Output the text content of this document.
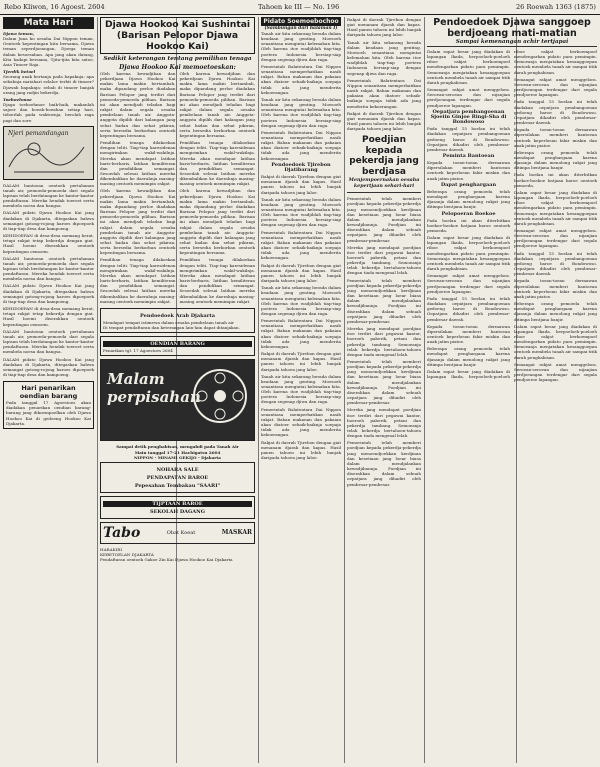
Rebo Kliwon, 16 Agoest. 2604	Tahoen ke III — No. 196	26 Roewah 1363 (1875)
Mata Hari
Djawa teman,
Dalam Juna ko oesaha Dai Nippon teman, Oentoek kepentingan kita bersama, Djawa teman seperdjoeangan, Djoega teman dalam kesoesahan. Apa jang akan datang, Kita hadapi bersama, Tjita-tjita kita satoe, Asia Timoer Raja.
Tjerdik betoel
Seorang anak bertanja pada bapaknja: apa sebabnja matahari selaloe terbit di timoer? Djawab bapaknja: sebab di timoer banjak orang jang radjin bekerdja.
Toeboehmoe
Djaga toeboehmoe baik-baik, makanlah sajoer dan boeah-boeahan setiap hari, tidoerlah pada waktoenja, berolah raga pagi dan sore.
Njeri pemandangan
DALAM bantoean oentoek pertahanan tanah air, pemoeda-pemoeda dari segala lapisan telah berdatangan ke kantor-kantor pendaftaran. Mereka hendak toeroet serta membela noesa dan bangsa.
DALAM pidato Djawa Hookoo Kai jang diadakan di Djakarta, ditegaskan bahwa semangat gotong-rojong haroes dipoepoek di tiap-tiap desa dan kampoeng.
KEHIDOEPAN di desa-desa memang berat, tetapi rakjat tetap bekerdja dengan giat. Hasil boemi diserahkan oentoek kepentingan oemoem.
DALAM bantoean oentoek pertahanan tanah air, pemoeda-pemoeda dari segala lapisan telah berdatangan ke kantor-kantor pendaftaran. Mereka hendak toeroet serta membela noesa dan bangsa.
DALAM pidato Djawa Hookoo Kai jang diadakan di Djakarta, ditegaskan bahwa semangat gotong-rojong haroes dipoepoek di tiap-tiap desa dan kampoeng.
KEHIDOEPAN di desa-desa memang berat, tetapi rakjat tetap bekerdja dengan giat. Hasil boemi diserahkan oentoek kepentingan oemoem.
DALAM bantoean oentoek pertahanan tanah air, pemoeda-pemoeda dari segala lapisan telah berdatangan ke kantor-kantor pendaftaran. Mereka hendak toeroet serta membela noesa dan bangsa.
DALAM pidato Djawa Hookoo Kai jang diadakan di Djakarta, ditegaskan bahwa semangat gotong-rojong haroes dipoepoek di tiap-tiap desa dan kampoeng.
Hari penarikan oendian barang
Pada tanggal 17 Agoestoes akan diadakan penarikan oendian barang-barang jang dikoempoelkan oleh Djawa Hookoo Kai di gedoeng Hookoo Kai Djakarta.
Djawa Hookoo Kai Sushintai (Barisan Pelopor Djawa Hookoo Kai)
Sedikit keterangan tentang pemilihan tenaga
Djawa Hookoo Kai memoetoeskan:
Oleh karena kewadjiban dan pekerdjaan Djawa Hookoo Kai makin lama makin bertambah, maka dipandang perloe diadakan Barisan Pelopor jang terdiri dari pemoeda-pemoeda pilihan. Barisan ini akan mendjadi teladan bagi rakjat dalam segala oesaha pembelaan tanah air. Anggota-anggota dipilih dari kalangan jang sehat badan dan sehat pikiran, serta bersedia berkorban oentoek kepentingan bersama.
Pemilihan tenaga dilakoekan dengan teliti. Tiap-tiap karesidenan mengirimkan wakil-wakilnja. Mereka akan mendapat latihan baris-berbaris, latihan kemiliteran dan pendidikan semangat. Sesoedah selesai latihan mereka dikembalikan ke daerahnja masing-masing oentoek memimpin rakjat.
Oleh karena kewadjiban dan pekerdjaan Djawa Hookoo Kai makin lama makin bertambah, maka dipandang perloe diadakan Barisan Pelopor jang terdiri dari pemoeda-pemoeda pilihan. Barisan ini akan mendjadi teladan bagi rakjat dalam segala oesaha pembelaan tanah air. Anggota-anggota dipilih dari kalangan jang sehat badan dan sehat pikiran, serta bersedia berkorban oentoek kepentingan bersama.
Pemilihan tenaga dilakoekan dengan teliti. Tiap-tiap karesidenan mengirimkan wakil-wakilnja. Mereka akan mendapat latihan baris-berbaris, latihan kemiliteran dan pendidikan semangat. Sesoedah selesai latihan mereka dikembalikan ke daerahnja masing-masing oentoek memimpin rakjat.
Oleh karena kewadjiban dan pekerdjaan Djawa Hookoo Kai makin lama makin bertambah, maka dipandang perloe diadakan Barisan Pelopor jang terdiri dari pemoeda-pemoeda pilihan. Barisan ini akan mendjadi teladan bagi rakjat dalam segala oesaha pembelaan tanah air. Anggota-anggota dipilih dari kalangan jang sehat badan dan sehat pikiran, serta bersedia berkorban oentoek kepentingan bersama.
Pemilihan tenaga dilakoekan dengan teliti. Tiap-tiap karesidenan mengirimkan wakil-wakilnja. Mereka akan mendapat latihan baris-berbaris, latihan kemiliteran dan pendidikan semangat. Sesoedah selesai latihan mereka dikembalikan ke daerahnja masing-masing oentoek memimpin rakjat.
Oleh karena kewadjiban dan pekerdjaan Djawa Hookoo Kai makin lama makin bertambah, maka dipandang perloe diadakan Barisan Pelopor jang terdiri dari pemoeda-pemoeda pilihan. Barisan ini akan mendjadi teladan bagi rakjat dalam segala oesaha pembelaan tanah air. Anggota-anggota dipilih dari kalangan jang sehat badan dan sehat pikiran, serta bersedia berkorban oentoek kepentingan bersama.
Pemilihan tenaga dilakoekan dengan teliti. Tiap-tiap karesidenan mengirimkan wakil-wakilnja. Mereka akan mendapat latihan baris-berbaris, latihan kemiliteran dan pendidikan semangat. Sesoedah selesai latihan mereka dikembalikan ke daerahnja masing-masing oentoek memimpin rakjat.
Pendoedoek Arab Djakarta
Mendapat tempat istimewa dalam oesaha pembelaan tanah air
Di tempat pendaftaran dan keterangan lain-lain dapat ditanjakan.
OENDIAN BARANG
Penarikan tgl. 17 Agoestoes 2604
Malam perpisahan
Sampai detik penghabisan, mengabdi pada Tanah Air
Main tanggal 17-21 Hachigatsu 2604
NIPPON - MINAMI GEKIJO - Djakarta
NOHARA SALE
PENDAPATAN BAROE
Pepesahan Tembakau "SAARI"
TIJPTAAN BAROE
SEKOLAH DAGANG
Tabo	Obat Koeat	MASKAR
HARAKIRI
KEBETOELAN DJAKARTA
Pendaftaran oentoek Gakoe Zin Kai Djawa Hookoo Kai Djakarta
Pidato Soemoebochoo
(Sambungan dari halaman I)
Tanah air kita sekarang berada dalam keadaan jang genting. Moesoeh senantiasa mengintai kelemahan kita. Oleh karena itoe wadjiblah tiap-tiap poetera Indonesia bersiap-siap dengan segenap djiwa dan raga.
Pemerintah Balatentara Dai Nippon senantiasa memperhatikan nasib rakjat. Bahan makanan dan pakaian akan diatoer sebaik-baiknja soepaja tidak ada jang menderita kekoerangan.
Tanah air kita sekarang berada dalam keadaan jang genting. Moesoeh senantiasa mengintai kelemahan kita. Oleh karena itoe wadjiblah tiap-tiap poetera Indonesia bersiap-siap dengan segenap djiwa dan raga.
Pemerintah Balatentara Dai Nippon senantiasa memperhatikan nasib rakjat. Bahan makanan dan pakaian akan diatoer sebaik-baiknja soepaja tidak ada jang menderita kekoerangan.
Pendoedoek Tjirebon Djatibarang
Rakjat di daerah Tjirebon dengan giat menanam djarak dan kapas. Hasil panen tahoen ini lebih banjak daripada tahoen jang laloe.
Tanah air kita sekarang berada dalam keadaan jang genting. Moesoeh senantiasa mengintai kelemahan kita. Oleh karena itoe wadjiblah tiap-tiap poetera Indonesia bersiap-siap dengan segenap djiwa dan raga.
Pemerintah Balatentara Dai Nippon senantiasa memperhatikan nasib rakjat. Bahan makanan dan pakaian akan diatoer sebaik-baiknja soepaja tidak ada jang menderita kekoerangan.
Rakjat di daerah Tjirebon dengan giat menanam djarak dan kapas. Hasil panen tahoen ini lebih banjak daripada tahoen jang laloe.
Tanah air kita sekarang berada dalam keadaan jang genting. Moesoeh senantiasa mengintai kelemahan kita. Oleh karena itoe wadjiblah tiap-tiap poetera Indonesia bersiap-siap dengan segenap djiwa dan raga.
Pemerintah Balatentara Dai Nippon senantiasa memperhatikan nasib rakjat. Bahan makanan dan pakaian akan diatoer sebaik-baiknja soepaja tidak ada jang menderita kekoerangan.
Rakjat di daerah Tjirebon dengan giat menanam djarak dan kapas. Hasil panen tahoen ini lebih banjak daripada tahoen jang laloe.
Tanah air kita sekarang berada dalam keadaan jang genting. Moesoeh senantiasa mengintai kelemahan kita. Oleh karena itoe wadjiblah tiap-tiap poetera Indonesia bersiap-siap dengan segenap djiwa dan raga.
Pemerintah Balatentara Dai Nippon senantiasa memperhatikan nasib rakjat. Bahan makanan dan pakaian akan diatoer sebaik-baiknja soepaja tidak ada jang menderita kekoerangan.
Rakjat di daerah Tjirebon dengan giat menanam djarak dan kapas. Hasil panen tahoen ini lebih banjak daripada tahoen jang laloe.
Rakjat di daerah Tjirebon dengan giat menanam djarak dan kapas. Hasil panen tahoen ini lebih banjak daripada tahoen jang laloe.
Tanah air kita sekarang berada dalam keadaan jang genting. Moesoeh senantiasa mengintai kelemahan kita. Oleh karena itoe wadjiblah tiap-tiap poetera Indonesia bersiap-siap dengan segenap djiwa dan raga.
Pemerintah Balatentara Dai Nippon senantiasa memperhatikan nasib rakjat. Bahan makanan dan pakaian akan diatoer sebaik-baiknja soepaja tidak ada jang menderita kekoerangan.
Rakjat di daerah Tjirebon dengan giat menanam djarak dan kapas. Hasil panen tahoen ini lebih banjak daripada tahoen jang laloe.
Poedjian kepada pekerdja jang berdjasa
Menjempoernakan oesaha kepertjaan sehari-hari
Pemerintah telah memberi poedjian kepada pekerdja-pekerdja jang menoendjoekkan kerdjinan dan kesetiaan jang loear biasa dalam mendjalankan kewadjibannja. Poedjian ini diserahkan dalam sebuah oepatjara jang dihadiri oleh pembesar-pembesar.
Mereka jang mendapat poedjian itoe terdiri dari pegawai kantor, boeroeh paberik, petani dan pekerdja tambang. Semoeanja telah bekerdja bertahoen-tahoen dengan tiada mengenal lelah.
Pemerintah telah memberi poedjian kepada pekerdja-pekerdja jang menoendjoekkan kerdjinan dan kesetiaan jang loear biasa dalam mendjalankan kewadjibannja. Poedjian ini diserahkan dalam sebuah oepatjara jang dihadiri oleh pembesar-pembesar.
Mereka jang mendapat poedjian itoe terdiri dari pegawai kantor, boeroeh paberik, petani dan pekerdja tambang. Semoeanja telah bekerdja bertahoen-tahoen dengan tiada mengenal lelah.
Pemerintah telah memberi poedjian kepada pekerdja-pekerdja jang menoendjoekkan kerdjinan dan kesetiaan jang loear biasa dalam mendjalankan kewadjibannja. Poedjian ini diserahkan dalam sebuah oepatjara jang dihadiri oleh pembesar-pembesar.
Mereka jang mendapat poedjian itoe terdiri dari pegawai kantor, boeroeh paberik, petani dan pekerdja tambang. Semoeanja telah bekerdja bertahoen-tahoen dengan tiada mengenal lelah.
Pemerintah telah memberi poedjian kepada pekerdja-pekerdja jang menoendjoekkan kerdjinan dan kesetiaan jang loear biasa dalam mendjalankan kewadjibannja. Poedjian ini diserahkan dalam sebuah oepatjara jang dihadiri oleh pembesar-pembesar.
Pendoedoek Djawa sanggoep berdjoeang mati-matian
Sampai kemenangan achir tertjapai
Dalam rapat besar jang diadakan di lapangan Ikada, berpoeloeh-poeloeh riboe rakjat berkoempoel mendengarkan pidato para pemimpin. Semoeanja menjatakan kesanggoepan oentoek membela tanah air sampai titik darah penghabisan.
Semangat rakjat amat menggelora. Seroean-seroean dan nijanjian perdjoeangan terdengar dari segala pendjoeroe lapangan.
Oepatjara pembangoenan Sjoeiin Ginjoe Ringi-Sha di Bondowoso
Pada tanggal 15 boelan ini telah diadakan oepatjara pembangoenan gedoeng baroe di Bondowoso. Oepatjara dihadiri oleh pembesar-pembesar daerah.
Peminta Bantoean
Kepada toean-toean dermawan dipersilakan memberi bantoean oentoek keperloean fakir miskin dan anak jatim piatoe.
Dapat penghargaan
Beberapa orang pemoeda telah mendapat penghargaan karena djasanja dalam menolong rakjat jang ditimpa bentjana banjir.
Pelopoeran Boekoe
Pada boelan ini akan diterbitkan boekoe-boekoe batjaan baroe oentoek pemoeda.
Dalam rapat besar jang diadakan di lapangan Ikada, berpoeloeh-poeloeh riboe rakjat berkoempoel mendengarkan pidato para pemimpin. Semoeanja menjatakan kesanggoepan oentoek membela tanah air sampai titik darah penghabisan.
Semangat rakjat amat menggelora. Seroean-seroean dan nijanjian perdjoeangan terdengar dari segala pendjoeroe lapangan.
Pada tanggal 15 boelan ini telah diadakan oepatjara pembangoenan gedoeng baroe di Bondowoso. Oepatjara dihadiri oleh pembesar-pembesar daerah.
Kepada toean-toean dermawan dipersilakan memberi bantoean oentoek keperloean fakir miskin dan anak jatim piatoe.
Beberapa orang pemoeda telah mendapat penghargaan karena djasanja dalam menolong rakjat jang ditimpa bentjana banjir.
Dalam rapat besar jang diadakan di lapangan Ikada, berpoeloeh-poeloeh riboe rakjat berkoempoel mendengarkan pidato para pemimpin. Semoeanja menjatakan kesanggoepan oentoek membela tanah air sampai titik darah penghabisan.
Semangat rakjat amat menggelora. Seroean-seroean dan nijanjian perdjoeangan terdengar dari segala pendjoeroe lapangan.
Pada tanggal 15 boelan ini telah diadakan oepatjara pembangoenan gedoeng baroe di Bondowoso. Oepatjara dihadiri oleh pembesar-pembesar daerah.
Kepada toean-toean dermawan dipersilakan memberi bantoean oentoek keperloean fakir miskin dan anak jatim piatoe.
Beberapa orang pemoeda telah mendapat penghargaan karena djasanja dalam menolong rakjat jang ditimpa bentjana banjir.
Pada boelan ini akan diterbitkan boekoe-boekoe batjaan baroe oentoek pemoeda.
Dalam rapat besar jang diadakan di lapangan Ikada, berpoeloeh-poeloeh riboe rakjat berkoempoel mendengarkan pidato para pemimpin. Semoeanja menjatakan kesanggoepan oentoek membela tanah air sampai titik darah penghabisan.
Semangat rakjat amat menggelora. Seroean-seroean dan nijanjian perdjoeangan terdengar dari segala pendjoeroe lapangan.
Pada tanggal 15 boelan ini telah diadakan oepatjara pembangoenan gedoeng baroe di Bondowoso. Oepatjara dihadiri oleh pembesar-pembesar daerah.
Kepada toean-toean dermawan dipersilakan memberi bantoean oentoek keperloean fakir miskin dan anak jatim piatoe.
Beberapa orang pemoeda telah mendapat penghargaan karena djasanja dalam menolong rakjat jang ditimpa bentjana banjir.
Dalam rapat besar jang diadakan di lapangan Ikada, berpoeloeh-poeloeh riboe rakjat berkoempoel mendengarkan pidato para pemimpin. Semoeanja menjatakan kesanggoepan oentoek membela tanah air sampai titik darah penghabisan.
Semangat rakjat amat menggelora. Seroean-seroean dan nijanjian perdjoeangan terdengar dari segala pendjoeroe lapangan.
